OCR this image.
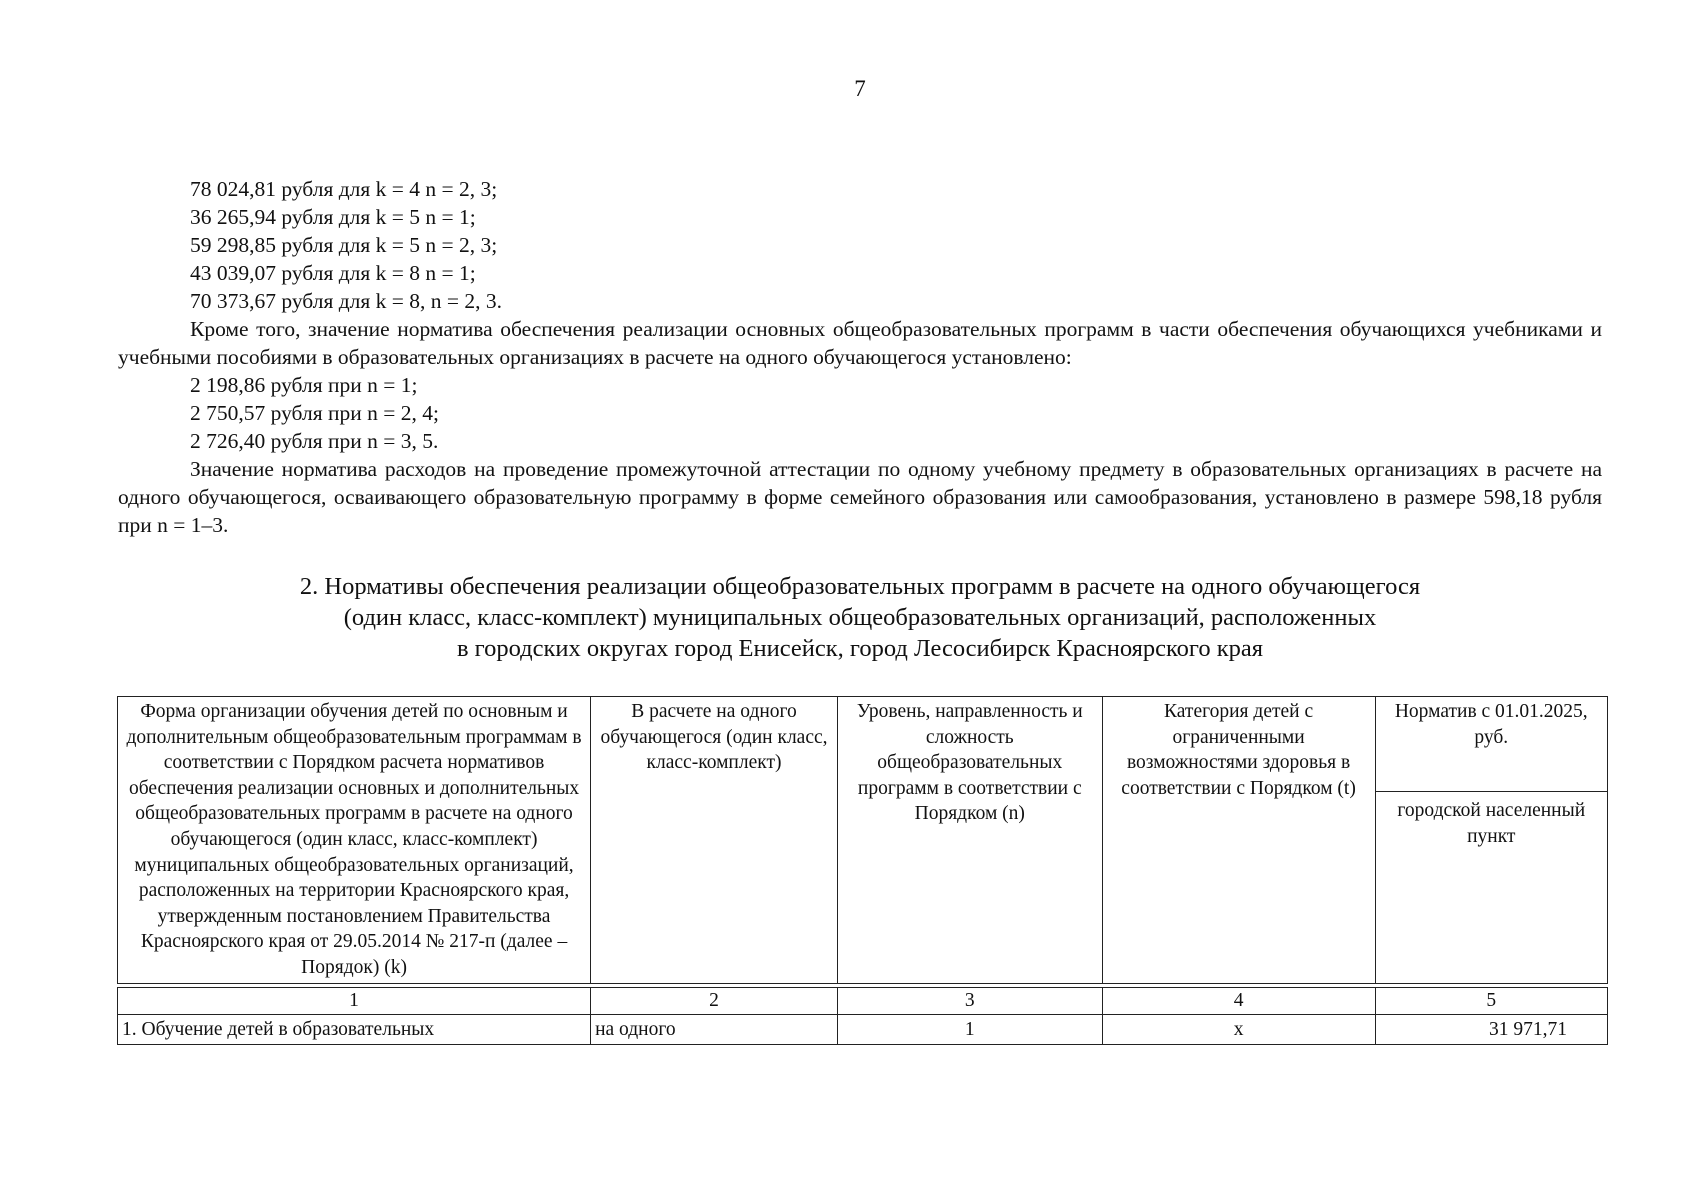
7
78 024,81 рубля для k = 4 n = 2, 3;
36 265,94 рубля для k = 5 n = 1;
59 298,85 рубля для k = 5 n = 2, 3;
43 039,07 рубля для k = 8 n = 1;
70 373,67 рубля для k = 8, n = 2, 3.

Кроме того, значение норматива обеспечения реализации основных общеобразовательных программ в части обеспечения обучающихся учебниками и учебными пособиями в образовательных организациях в расчете на одного обучающегося установлено:

2 198,86 рубля при n = 1;
2 750,57 рубля при n = 2, 4;
2 726,40 рубля при n = 3, 5.

Значение норматива расходов на проведение промежуточной аттестации по одному учебному предмету в образовательных организациях в расчете на одного обучающегося, осваивающего образовательную программу в форме семейного образования или самообразования, установлено в размере 598,18 рубля при n = 1–3.

2. Нормативы обеспечения реализации общеобразовательных программ в расчете на одного обучающегося
(один класс, класс-комплект) муниципальных общеобразовательных организаций, расположенных
в городских округах город Енисейск, город Лесосибирск Красноярского края
Форма организации обучения детей по основным и дополнительным общеобразовательным программам в соответствии с Порядком расчета нормативов обеспечения реализации основных и дополнительных общеобразовательных программ в расчете на одного обучающегося (один класс, класс-комплект) муниципальных общеобразовательных организаций, расположенных на территории Красноярского края, утвержденным постановлением Правительства Красноярского края от 29.05.2014 № 217-п (далее – Порядок) (k)	В расчете на одного обучающегося (один класс, класс-комплект)	Уровень, направленность и сложность общеобразовательных программ в соответствии с Порядком (n)	Категория детей с ограниченными возможностями здоровья в соответствии с Порядком (t)	Норматив с 01.01.2025, руб.
				городской населенный пункт

1	2	3	4	5
1. Обучение детей в образовательных	на одного	1	x	31 971,71
